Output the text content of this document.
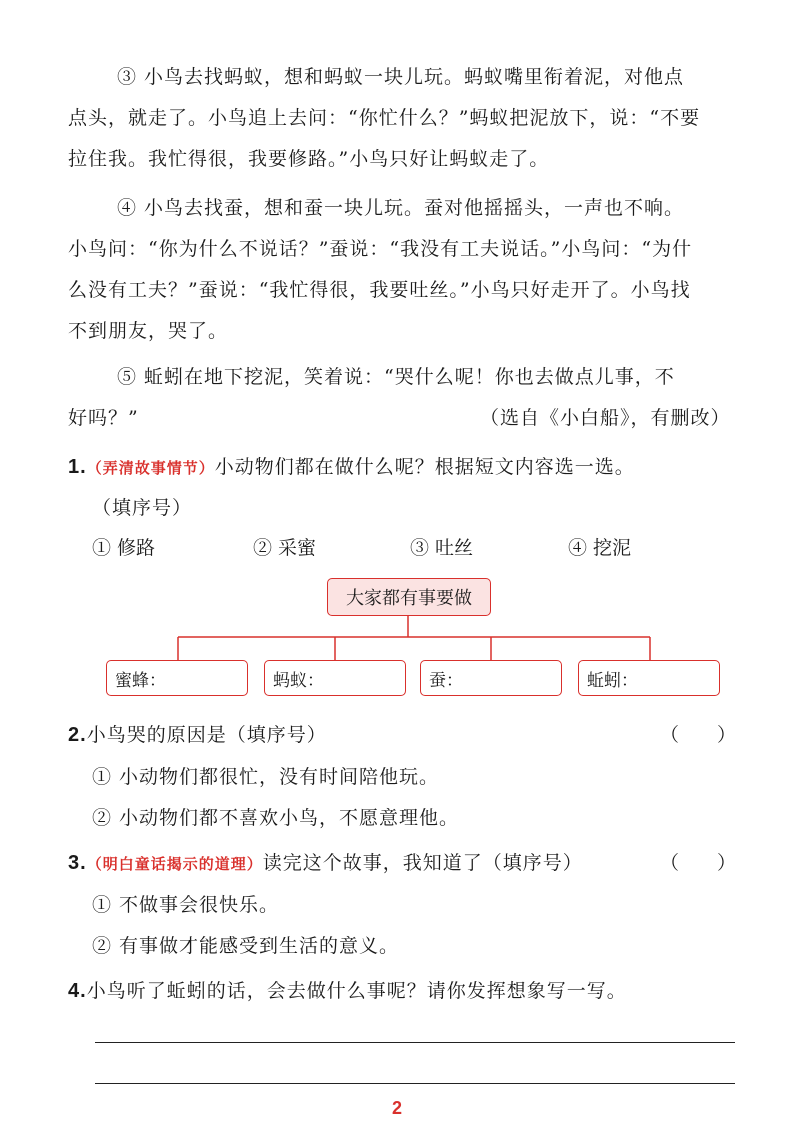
③ 小鸟去找蚂蚁，想和蚂蚁一块儿玩。蚂蚁嘴里衔着泥，对他点
点头，就走了。小鸟追上去问：“你忙什么？”蚂蚁把泥放下，说：“不要
拉住我。我忙得很，我要修路。”小鸟只好让蚂蚁走了。
④ 小鸟去找蚕，想和蚕一块儿玩。蚕对他摇摇头，一声也不响。
小鸟问：“你为什么不说话？”蚕说：“我没有工夫说话。”小鸟问：“为什
么没有工夫？”蚕说：“我忙得很，我要吐丝。”小鸟只好走开了。小鸟找
不到朋友，哭了。
⑤ 蚯蚓在地下挖泥，笑着说：“哭什么呢！你也去做点儿事，不
好吗？”	（选自《小白船》，有删改）
1.（弄清故事情节）小动物们都在做什么呢？根据短文内容选一选。
（填序号）
① 修路	② 采蜜	③ 吐丝	④ 挖泥
大家都有事要做
蜜蜂：	蚂蚁：	蚕：	蚯蚓：
2.小鸟哭的原因是（填序号）	（　　）
① 小动物们都很忙，没有时间陪他玩。
② 小动物们都不喜欢小鸟，不愿意理他。
3.（明白童话揭示的道理）读完这个故事，我知道了（填序号）	（　　）
① 不做事会很快乐。
② 有事做才能感受到生活的意义。
4.小鸟听了蚯蚓的话，会去做什么事呢？请你发挥想象写一写。
2
